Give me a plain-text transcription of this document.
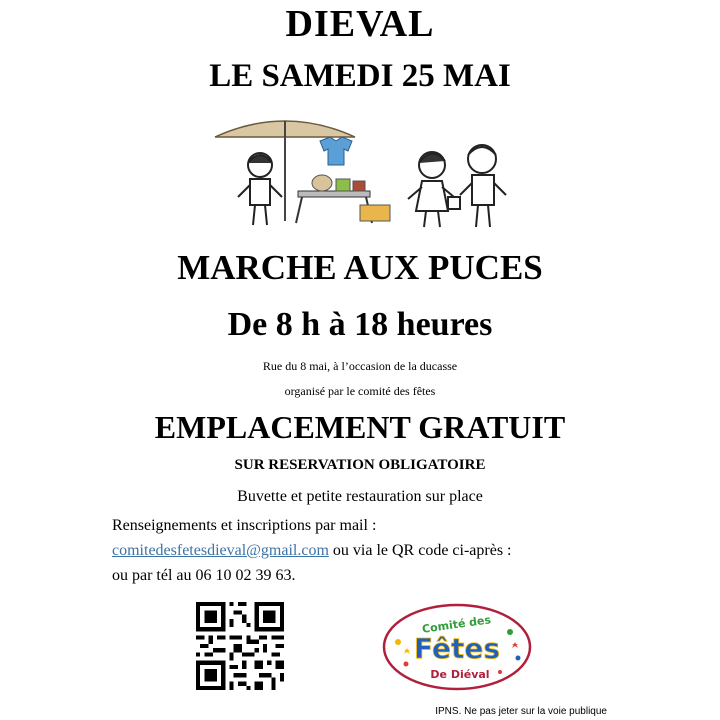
DIEVAL
LE SAMEDI 25 MAI
MARCHE AUX PUCES
De 8 h à 18 heures
Rue du 8 mai, à l’occasion de la ducasse
organisé par le comité des fêtes
EMPLACEMENT GRATUIT
SUR RESERVATION OBLIGATOIRE
Buvette et petite restauration sur place
Renseignements et inscriptions par mail :
comitedesfetesdieval@gmail.com ou via le QR code ci-après :
ou par tél au 06 10 02 39 63.
Comité des
Fêtes
De Diéval
IPNS. Ne pas jeter sur la voie publique
